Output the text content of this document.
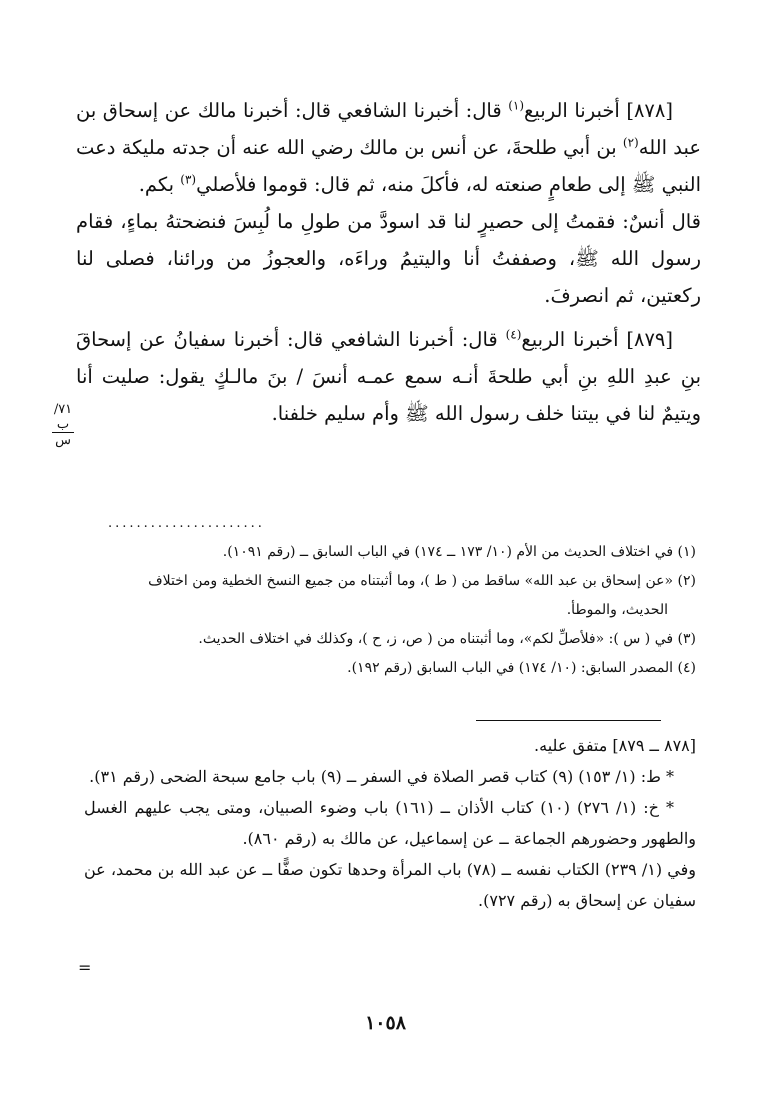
[٨٧٨] أخبرنا الربيع$^{(١)}$ قال: أخبرنا الشافعي قال: أخبرنا مالك عن إسحاق بن عبد الله$^{(٢)}$ بن أبي طلحةَ، عن أنس بن مالك رضي الله عنه أن جدته مليكة دعت النبي ﷺ إلى طعامٍ صنعته له، فأكلَ منه، ثم قال: قوموا فلأصلي$^{(٣)}$ بكم.

قال أنسٌ: فقمتُ إلى حصيرٍ لنا قد اسودَّ من طولِ ما لُبِسَ فنضحتهُ بماءٍ، فقام رسول الله ﷺ، وصففتُ أنا واليتيمُ وراءَه، والعجوزُ من ورائنا، فصلى لنا ركعتين، ثم انصرفَ.

[٨٧٩] أخبرنا الربيع$^{(٤)}$ قال: أخبرنا الشافعي قال: أخبرنا سفيانُ عن إسحاقَ بنِ عبدِ اللهِ بنِ أبي طلحةَ أنـه سمع عمـه أنسَ / بنَ مالـكٍ يقول: صليت أنا ويتيمٌ لنا في بيتنا خلف رسول الله ﷺ وأم سليم خلفنا.

٧١/ب
س
......................

(١) في اختلاف الحديث من الأم (١٠/ ١٧٣ ــ ١٧٤) في الباب السابق ــ (رقم ١٠٩١).

(٢) «عن إسحاق بن عبد الله» ساقط من ( ط )، وما أثبتناه من جميع النسخ الخطية ومن اختلاف

الحديث، والموطأ.

(٣) في ( س ): «فلأصلِّ لكم»، وما أثبتناه من ( ص، ز، ح )، وكذلك في اختلاف الحديث.

(٤) المصدر السابق: (١٠/ ١٧٤) في الباب السابق (رقم ١٩٢).

[٨٧٨ ــ ٨٧٩] متفق عليه.

* ط: (١/ ١٥٣) (٩) كتاب قصر الصلاة في السفر ــ (٩) باب جامع سبحة الضحى (رقم ٣١).

* خ: (١/ ٢٧٦) (١٠) كتاب الأذان ــ (١٦١) باب وضوء الصبيان، ومتى يجب عليهم الغسل والطهور وحضورهم الجماعة ــ عن إسماعيل، عن مالك به (رقم ٨٦٠).

وفي (١/ ٢٣٩) الكتاب نفسه ــ (٧٨) باب المرأة وحدها تكون صفًّا ــ عن عبد الله بن محمد، عن سفيان عن إسحاق به (رقم ٧٢٧).

=
١٠٥٨
